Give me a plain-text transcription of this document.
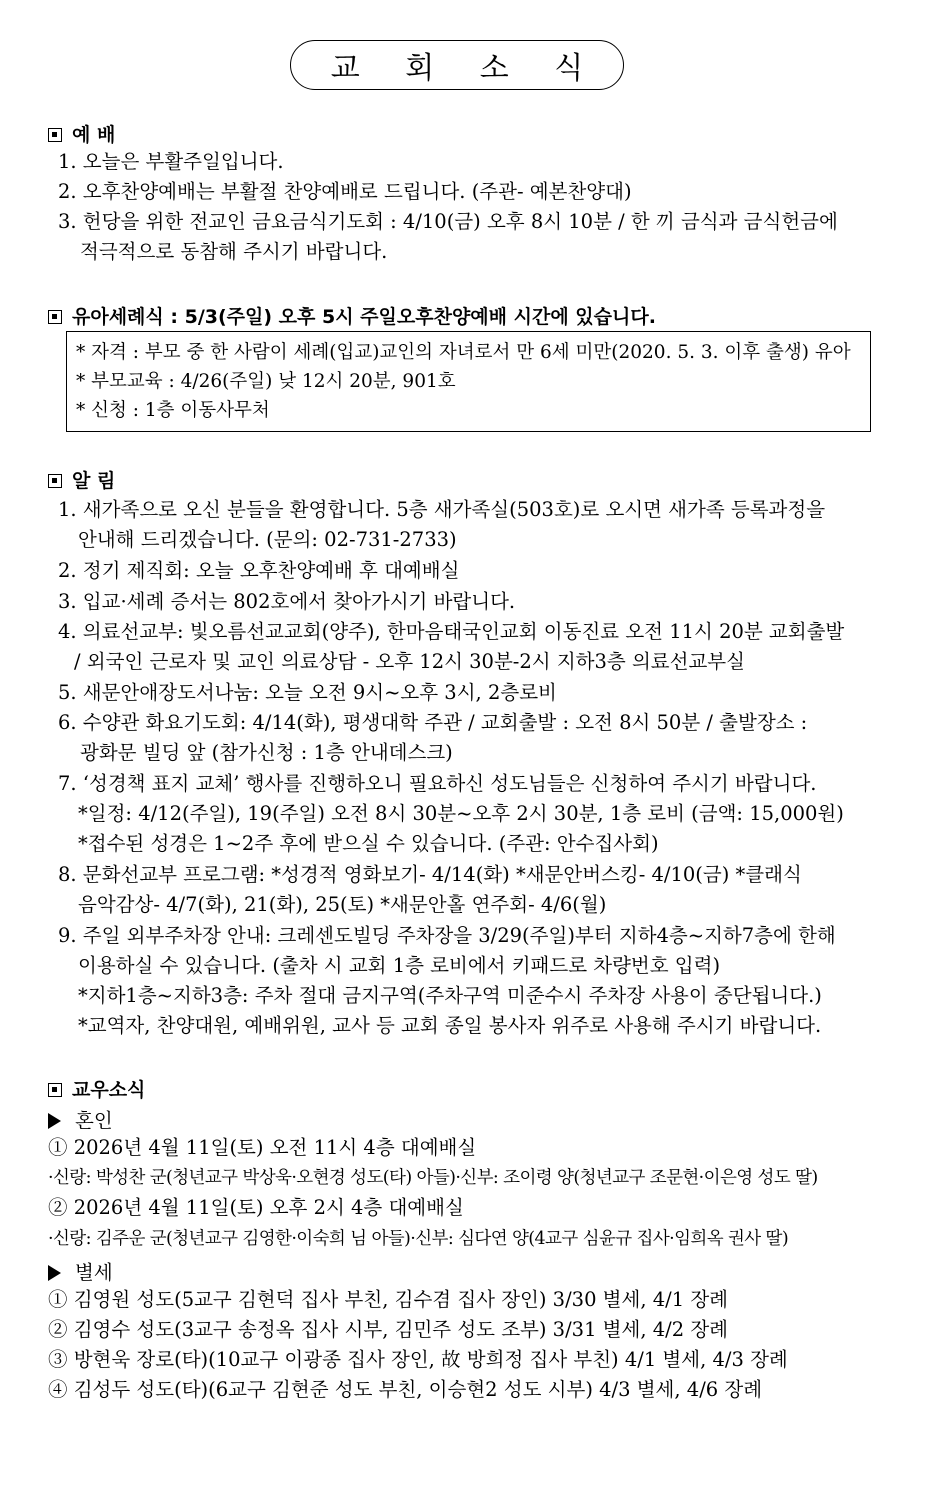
교 회 소 식
예 배
1. 오늘은 부활주일입니다.
2. 오후찬양예배는 부활절 찬양예배로 드립니다. (주관- 예본찬양대)
3. 헌당을 위한 전교인 금요금식기도회 : 4/10(금) 오후 8시 10분 / 한 끼 금식과 금식헌금에
적극적으로 동참해 주시기 바랍니다.
유아세례식 : 5/3(주일) 오후 5시 주일오후찬양예배 시간에 있습니다.
* 자격 : 부모 중 한 사람이 세례(입교)교인의 자녀로서 만 6세 미만(2020. 5. 3. 이후 출생) 유아
* 부모교육 : 4/26(주일) 낮 12시 20분, 901호
* 신청 : 1층 이동사무처
알 림
1. 새가족으로 오신 분들을 환영합니다. 5층 새가족실(503호)로 오시면 새가족 등록과정을
안내해 드리겠습니다. (문의: 02-731-2733)
2. 정기 제직회: 오늘 오후찬양예배 후 대예배실
3. 입교·세례 증서는 802호에서 찾아가시기 바랍니다.
4. 의료선교부: 빛오름선교교회(양주), 한마음태국인교회 이동진료 오전 11시 20분 교회출발
/ 외국인 근로자 및 교인 의료상담 - 오후 12시 30분-2시 지하3층 의료선교부실
5. 새문안애장도서나눔: 오늘 오전 9시~오후 3시, 2층로비
6. 수양관 화요기도회: 4/14(화), 평생대학 주관 / 교회출발 : 오전 8시 50분 / 출발장소 :
광화문 빌딩 앞 (참가신청 : 1층 안내데스크)
7. ‘성경책 표지 교체’ 행사를 진행하오니 필요하신 성도님들은 신청하여 주시기 바랍니다.
*일정: 4/12(주일), 19(주일) 오전 8시 30분~오후 2시 30분, 1층 로비 (금액: 15,000원)
*접수된 성경은 1~2주 후에 받으실 수 있습니다. (주관: 안수집사회)
8. 문화선교부 프로그램: *성경적 영화보기- 4/14(화) *새문안버스킹- 4/10(금) *클래식
음악감상- 4/7(화), 21(화), 25(토) *새문안홀 연주회- 4/6(월)
9. 주일 외부주차장 안내: 크레센도빌딩 주차장을 3/29(주일)부터 지하4층~지하7층에 한해
이용하실 수 있습니다. (출차 시 교회 1층 로비에서 키패드로 차량번호 입력)
*지하1층~지하3층: 주차 절대 금지구역(주차구역 미준수시 주차장 사용이 중단됩니다.)
*교역자, 찬양대원, 예배위원, 교사 등 교회 종일 봉사자 위주로 사용해 주시기 바랍니다.
교우소식
혼인
① 2026년 4월 11일(토) 오전 11시 4층 대예배실
·신랑: 박성찬 군(청년교구 박상욱·오현경 성도(타) 아들)·신부: 조이령 양(청년교구 조문현·이은영 성도 딸)
② 2026년 4월 11일(토) 오후 2시 4층 대예배실
·신랑: 김주운 군(청년교구 김영한·이숙희 님 아들)·신부: 심다연 양(4교구 심윤규 집사·임희옥 권사 딸)
별세
① 김영원 성도(5교구 김현덕 집사 부친, 김수겸 집사 장인) 3/30 별세, 4/1 장례
② 김영수 성도(3교구 송정옥 집사 시부, 김민주 성도 조부) 3/31 별세, 4/2 장례
③ 방현욱 장로(타)(10교구 이광종 집사 장인, 故 방희정 집사 부친) 4/1 별세, 4/3 장례
④ 김성두 성도(타)(6교구 김현준 성도 부친, 이승현2 성도 시부) 4/3 별세, 4/6 장례
